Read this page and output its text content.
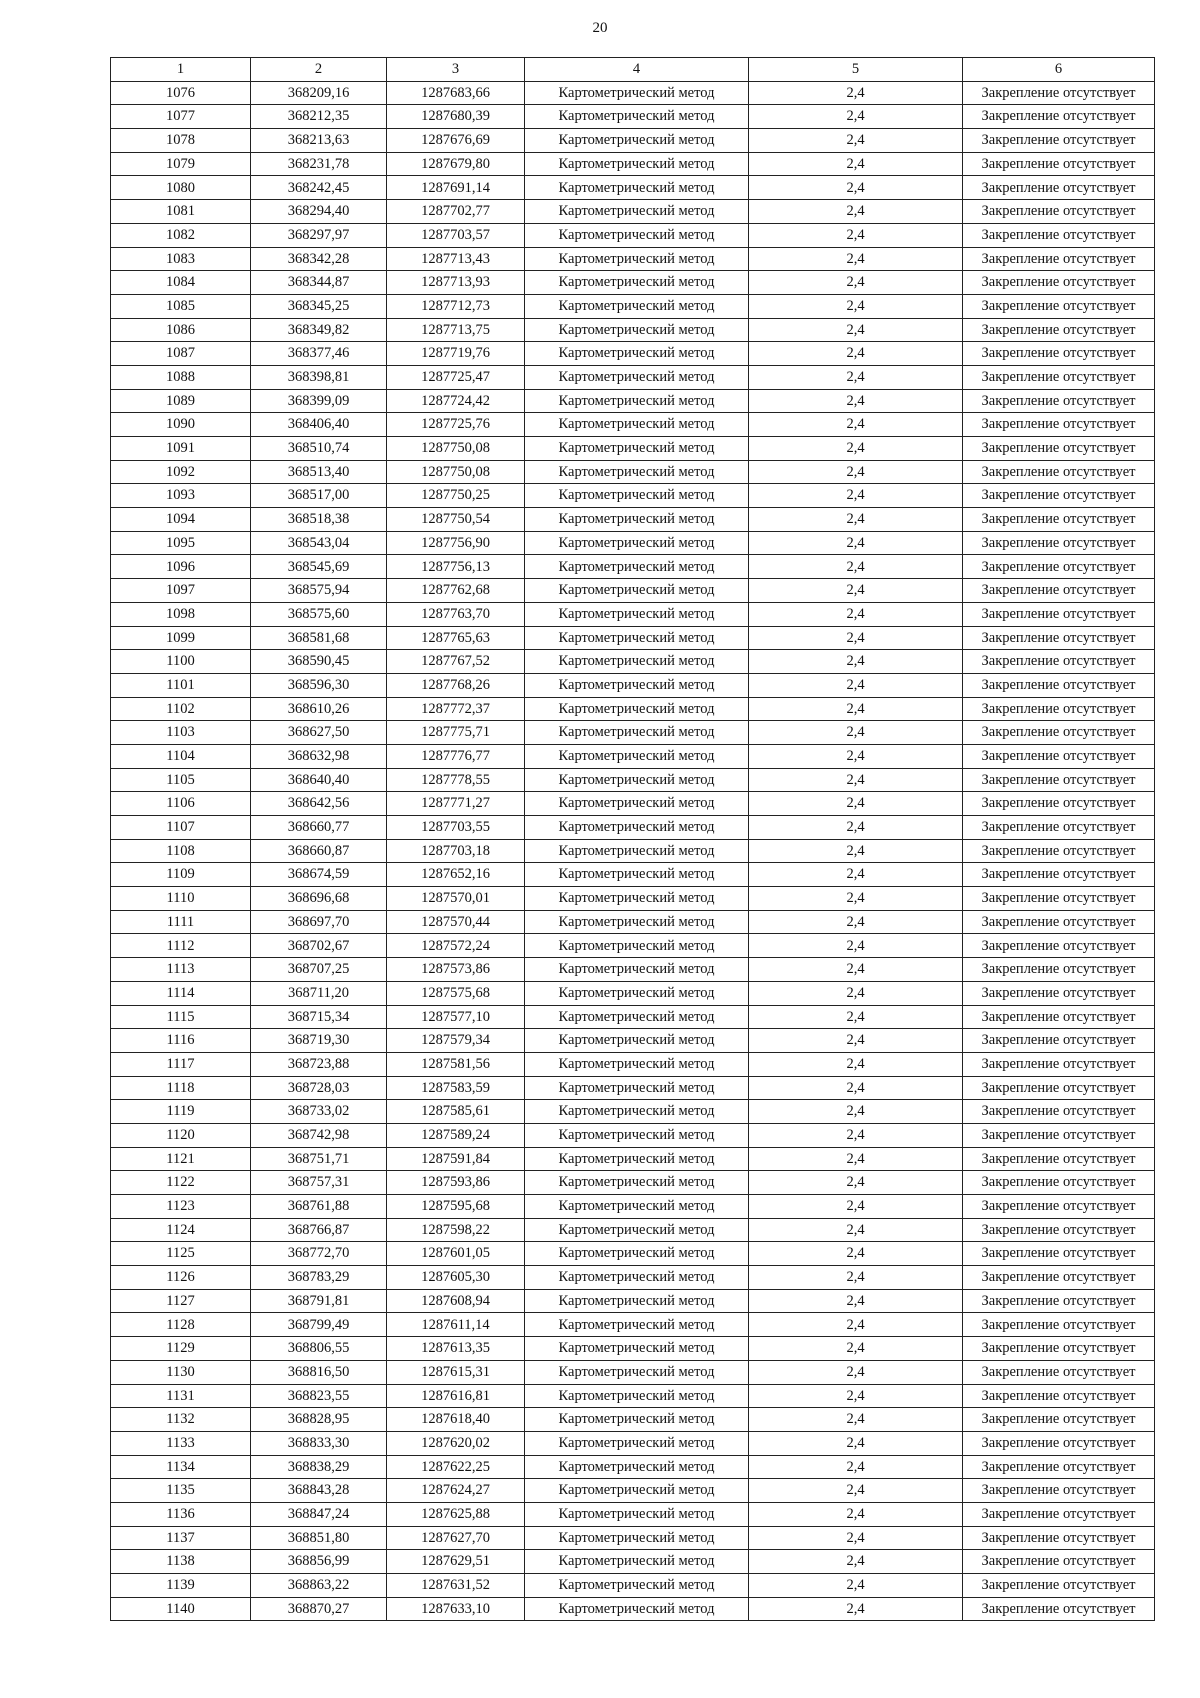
20
1	2	3	4	5	6
1076	368209,16	1287683,66	Картометрический метод	2,4	Закрепление отсутствует
1077	368212,35	1287680,39	Картометрический метод	2,4	Закрепление отсутствует
1078	368213,63	1287676,69	Картометрический метод	2,4	Закрепление отсутствует
1079	368231,78	1287679,80	Картометрический метод	2,4	Закрепление отсутствует
1080	368242,45	1287691,14	Картометрический метод	2,4	Закрепление отсутствует
1081	368294,40	1287702,77	Картометрический метод	2,4	Закрепление отсутствует
1082	368297,97	1287703,57	Картометрический метод	2,4	Закрепление отсутствует
1083	368342,28	1287713,43	Картометрический метод	2,4	Закрепление отсутствует
1084	368344,87	1287713,93	Картометрический метод	2,4	Закрепление отсутствует
1085	368345,25	1287712,73	Картометрический метод	2,4	Закрепление отсутствует
1086	368349,82	1287713,75	Картометрический метод	2,4	Закрепление отсутствует
1087	368377,46	1287719,76	Картометрический метод	2,4	Закрепление отсутствует
1088	368398,81	1287725,47	Картометрический метод	2,4	Закрепление отсутствует
1089	368399,09	1287724,42	Картометрический метод	2,4	Закрепление отсутствует
1090	368406,40	1287725,76	Картометрический метод	2,4	Закрепление отсутствует
1091	368510,74	1287750,08	Картометрический метод	2,4	Закрепление отсутствует
1092	368513,40	1287750,08	Картометрический метод	2,4	Закрепление отсутствует
1093	368517,00	1287750,25	Картометрический метод	2,4	Закрепление отсутствует
1094	368518,38	1287750,54	Картометрический метод	2,4	Закрепление отсутствует
1095	368543,04	1287756,90	Картометрический метод	2,4	Закрепление отсутствует
1096	368545,69	1287756,13	Картометрический метод	2,4	Закрепление отсутствует
1097	368575,94	1287762,68	Картометрический метод	2,4	Закрепление отсутствует
1098	368575,60	1287763,70	Картометрический метод	2,4	Закрепление отсутствует
1099	368581,68	1287765,63	Картометрический метод	2,4	Закрепление отсутствует
1100	368590,45	1287767,52	Картометрический метод	2,4	Закрепление отсутствует
1101	368596,30	1287768,26	Картометрический метод	2,4	Закрепление отсутствует
1102	368610,26	1287772,37	Картометрический метод	2,4	Закрепление отсутствует
1103	368627,50	1287775,71	Картометрический метод	2,4	Закрепление отсутствует
1104	368632,98	1287776,77	Картометрический метод	2,4	Закрепление отсутствует
1105	368640,40	1287778,55	Картометрический метод	2,4	Закрепление отсутствует
1106	368642,56	1287771,27	Картометрический метод	2,4	Закрепление отсутствует
1107	368660,77	1287703,55	Картометрический метод	2,4	Закрепление отсутствует
1108	368660,87	1287703,18	Картометрический метод	2,4	Закрепление отсутствует
1109	368674,59	1287652,16	Картометрический метод	2,4	Закрепление отсутствует
1110	368696,68	1287570,01	Картометрический метод	2,4	Закрепление отсутствует
1111	368697,70	1287570,44	Картометрический метод	2,4	Закрепление отсутствует
1112	368702,67	1287572,24	Картометрический метод	2,4	Закрепление отсутствует
1113	368707,25	1287573,86	Картометрический метод	2,4	Закрепление отсутствует
1114	368711,20	1287575,68	Картометрический метод	2,4	Закрепление отсутствует
1115	368715,34	1287577,10	Картометрический метод	2,4	Закрепление отсутствует
1116	368719,30	1287579,34	Картометрический метод	2,4	Закрепление отсутствует
1117	368723,88	1287581,56	Картометрический метод	2,4	Закрепление отсутствует
1118	368728,03	1287583,59	Картометрический метод	2,4	Закрепление отсутствует
1119	368733,02	1287585,61	Картометрический метод	2,4	Закрепление отсутствует
1120	368742,98	1287589,24	Картометрический метод	2,4	Закрепление отсутствует
1121	368751,71	1287591,84	Картометрический метод	2,4	Закрепление отсутствует
1122	368757,31	1287593,86	Картометрический метод	2,4	Закрепление отсутствует
1123	368761,88	1287595,68	Картометрический метод	2,4	Закрепление отсутствует
1124	368766,87	1287598,22	Картометрический метод	2,4	Закрепление отсутствует
1125	368772,70	1287601,05	Картометрический метод	2,4	Закрепление отсутствует
1126	368783,29	1287605,30	Картометрический метод	2,4	Закрепление отсутствует
1127	368791,81	1287608,94	Картометрический метод	2,4	Закрепление отсутствует
1128	368799,49	1287611,14	Картометрический метод	2,4	Закрепление отсутствует
1129	368806,55	1287613,35	Картометрический метод	2,4	Закрепление отсутствует
1130	368816,50	1287615,31	Картометрический метод	2,4	Закрепление отсутствует
1131	368823,55	1287616,81	Картометрический метод	2,4	Закрепление отсутствует
1132	368828,95	1287618,40	Картометрический метод	2,4	Закрепление отсутствует
1133	368833,30	1287620,02	Картометрический метод	2,4	Закрепление отсутствует
1134	368838,29	1287622,25	Картометрический метод	2,4	Закрепление отсутствует
1135	368843,28	1287624,27	Картометрический метод	2,4	Закрепление отсутствует
1136	368847,24	1287625,88	Картометрический метод	2,4	Закрепление отсутствует
1137	368851,80	1287627,70	Картометрический метод	2,4	Закрепление отсутствует
1138	368856,99	1287629,51	Картометрический метод	2,4	Закрепление отсутствует
1139	368863,22	1287631,52	Картометрический метод	2,4	Закрепление отсутствует
1140	368870,27	1287633,10	Картометрический метод	2,4	Закрепление отсутствует
